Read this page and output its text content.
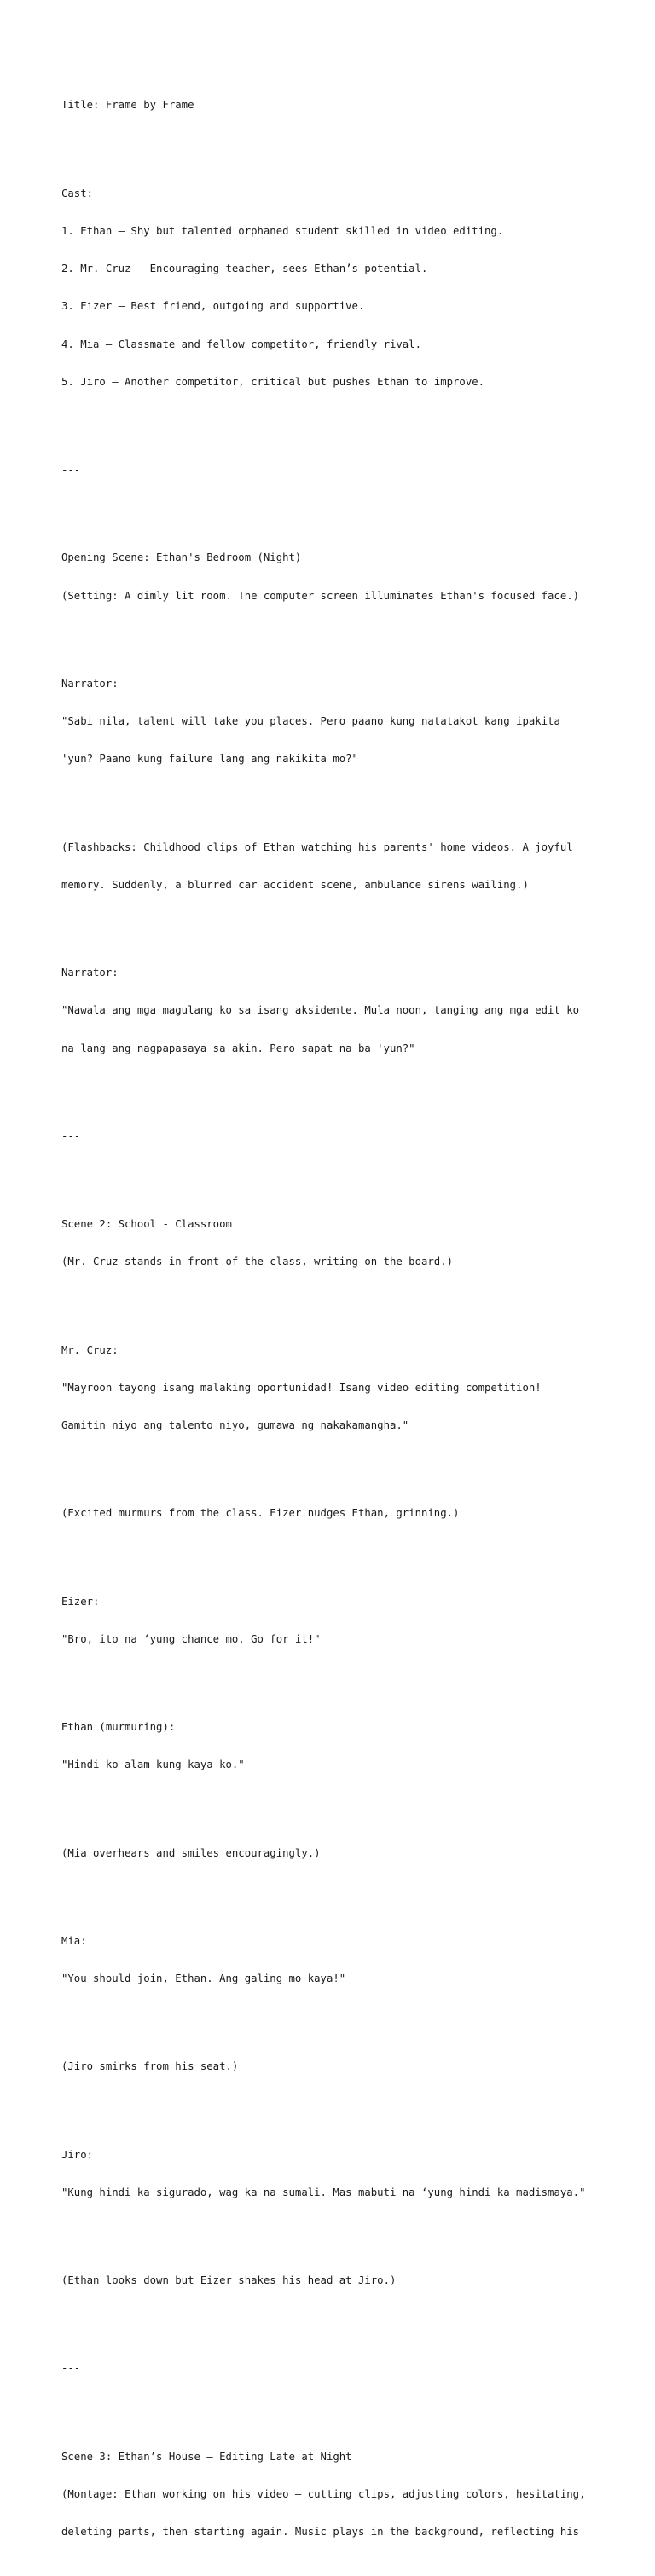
Title: Frame by Frame

Cast:

1. Ethan – Shy but talented orphaned student skilled in video editing.

2. Mr. Cruz – Encouraging teacher, sees Ethan’s potential.

3. Eizer – Best friend, outgoing and supportive.

4. Mia – Classmate and fellow competitor, friendly rival.

5. Jiro – Another competitor, critical but pushes Ethan to improve.

---

Opening Scene: Ethan's Bedroom (Night)

(Setting: A dimly lit room. The computer screen illuminates Ethan's focused face.)

Narrator:

"Sabi nila, talent will take you places. Pero paano kung natatakot kang ipakita

'yun? Paano kung failure lang ang nakikita mo?"

(Flashbacks: Childhood clips of Ethan watching his parents' home videos. A joyful

memory. Suddenly, a blurred car accident scene, ambulance sirens wailing.)

Narrator:

"Nawala ang mga magulang ko sa isang aksidente. Mula noon, tanging ang mga edit ko

na lang ang nagpapasaya sa akin. Pero sapat na ba 'yun?"

---

Scene 2: School - Classroom

(Mr. Cruz stands in front of the class, writing on the board.)

Mr. Cruz:

"Mayroon tayong isang malaking oportunidad! Isang video editing competition!

Gamitin niyo ang talento niyo, gumawa ng nakakamangha."

(Excited murmurs from the class. Eizer nudges Ethan, grinning.)

Eizer:

"Bro, ito na ‘yung chance mo. Go for it!"

Ethan (murmuring):

"Hindi ko alam kung kaya ko."

(Mia overhears and smiles encouragingly.)

Mia:

"You should join, Ethan. Ang galing mo kaya!"

(Jiro smirks from his seat.)

Jiro:

"Kung hindi ka sigurado, wag ka na sumali. Mas mabuti na ‘yung hindi ka madismaya."

(Ethan looks down but Eizer shakes his head at Jiro.)

---

Scene 3: Ethan’s House – Editing Late at Night

(Montage: Ethan working on his video – cutting clips, adjusting colors, hesitating,

deleting parts, then starting again. Music plays in the background, reflecting his
